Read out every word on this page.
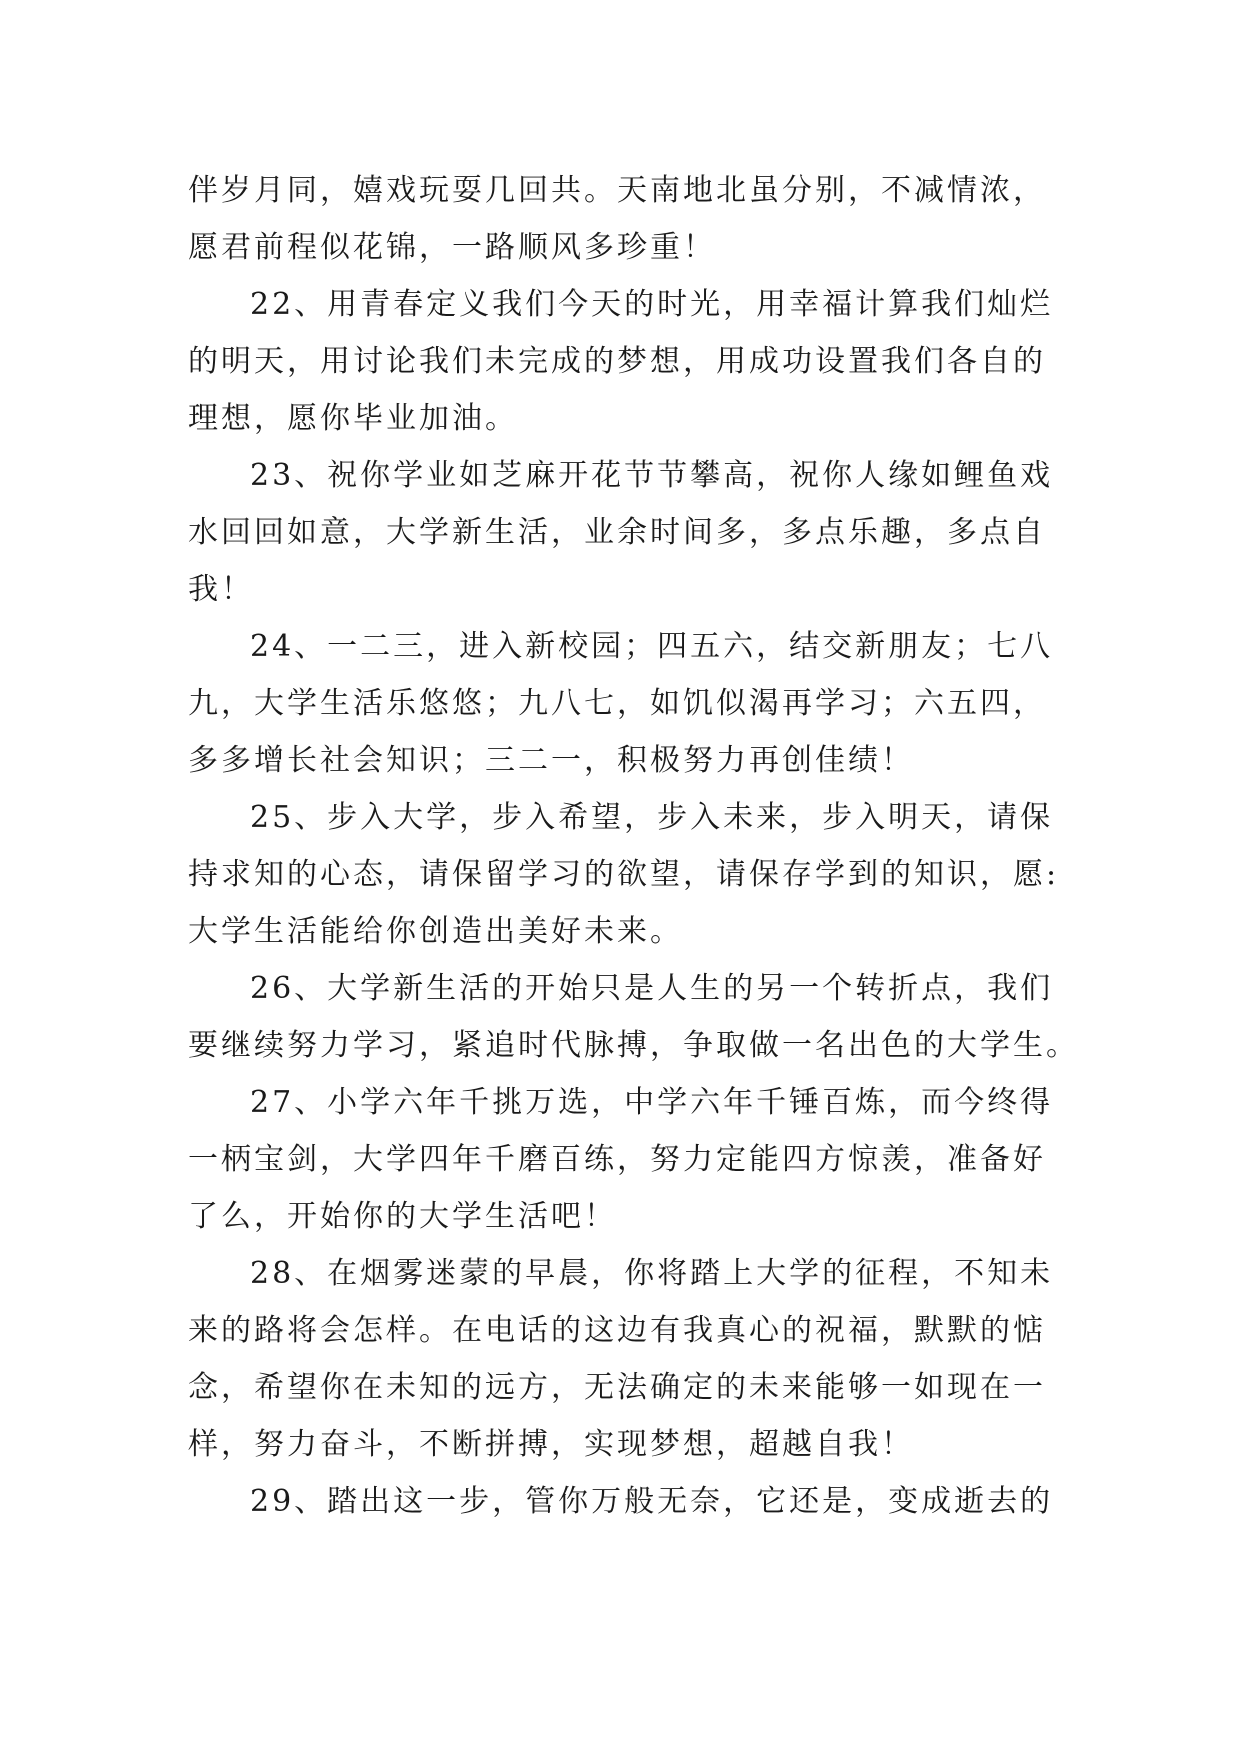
伴岁月同，嬉戏玩耍几回共。天南地北虽分别，不减情浓，
愿君前程似花锦，一路顺风多珍重！
22、用青春定义我们今天的时光，用幸福计算我们灿烂
的明天，用讨论我们未完成的梦想，用成功设置我们各自的
理想，愿你毕业加油。
23、祝你学业如芝麻开花节节攀高，祝你人缘如鲤鱼戏
水回回如意，大学新生活，业余时间多，多点乐趣，多点自
我！
24、一二三，进入新校园；四五六，结交新朋友；七八
九，大学生活乐悠悠；九八七，如饥似渴再学习；六五四，
多多增长社会知识；三二一，积极努力再创佳绩！
25、步入大学，步入希望，步入未来，步入明天，请保
持求知的心态，请保留学习的欲望，请保存学到的知识，愿:
大学生活能给你创造出美好未来。
26、大学新生活的开始只是人生的另一个转折点，我们
要继续努力学习，紧追时代脉搏，争取做一名出色的大学生。
27、小学六年千挑万选，中学六年千锤百炼，而今终得
一柄宝剑，大学四年千磨百练，努力定能四方惊羡，准备好
了么，开始你的大学生活吧！
28、在烟雾迷蒙的早晨，你将踏上大学的征程，不知未
来的路将会怎样。在电话的这边有我真心的祝福，默默的惦
念，希望你在未知的远方，无法确定的未来能够一如现在一
样，努力奋斗，不断拼搏，实现梦想，超越自我！
29、踏出这一步，管你万般无奈，它还是，变成逝去的
